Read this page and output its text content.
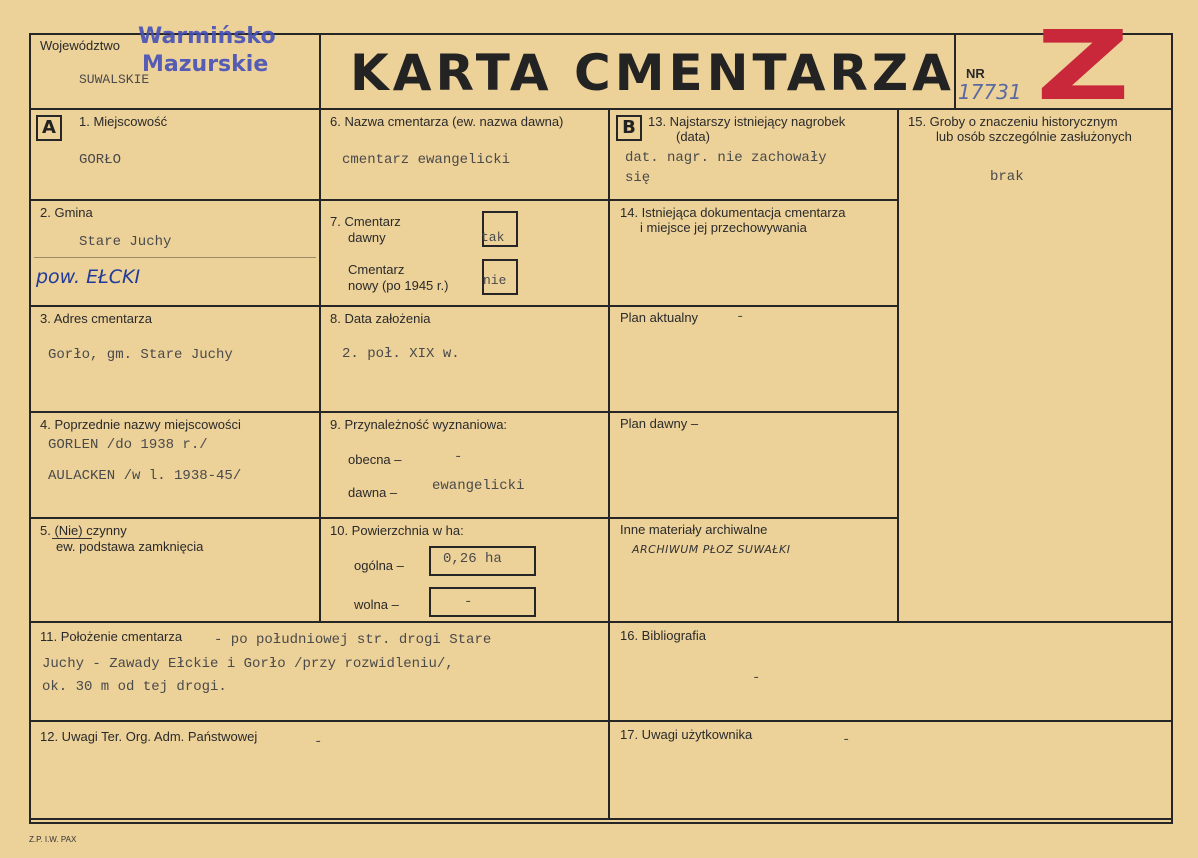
Województwo
SUWALSKIE
Warmińsko
Mazurskie KARTA CMENTARZA NR
17731 Z
A	B
1. Miejscowość
GORŁO
2. Gmina
Stare Juchy
pow. EŁCKI
3. Adres cmentarza
Gorło, gm. Stare Juchy
4. Poprzednie nazwy miejscowości
GORLEN /do 1938 r./
AULACKEN /w l. 1938-45/
5. (Nie) czynny
ew. podstawa zamknięcia
6. Nazwa cmentarza (ew. nazwa dawna)
cmentarz ewangelicki
7. Cmentarz
dawny	tak
Cmentarz
nowy (po 1945 r.)	nie
8. Data założenia
2. poł. XIX w.
9. Przynależność wyznaniowa:
obecna –	-
dawna – ewangelicki
10. Powierzchnia w ha:
ogólna –	0,26 ha
wolna –	-
13. Najstarszy istniejący nagrobek
(data)
dat. nagr. nie zachowały
się
14. Istniejąca dokumentacja cmentarza
i miejsce jej przechowywania
Plan aktualny	-
Plan dawny –
Inne materiały archiwalne
ARCHIWUM PŁOZ SUWAŁKI
15. Groby o znaczeniu historycznym
lub osób szczególnie zasłużonych
brak
11. Położenie cmentarza - po południowej str. drogi Stare
Juchy - Zawady Ełckie i Gorło /przy rozwidleniu/,
ok. 30 m od tej drogi.
16. Bibliografia
-
12. Uwagi Ter. Org. Adm. Państwowej	-	17. Uwagi użytkownika	-
Z.P. I.W. PAX
